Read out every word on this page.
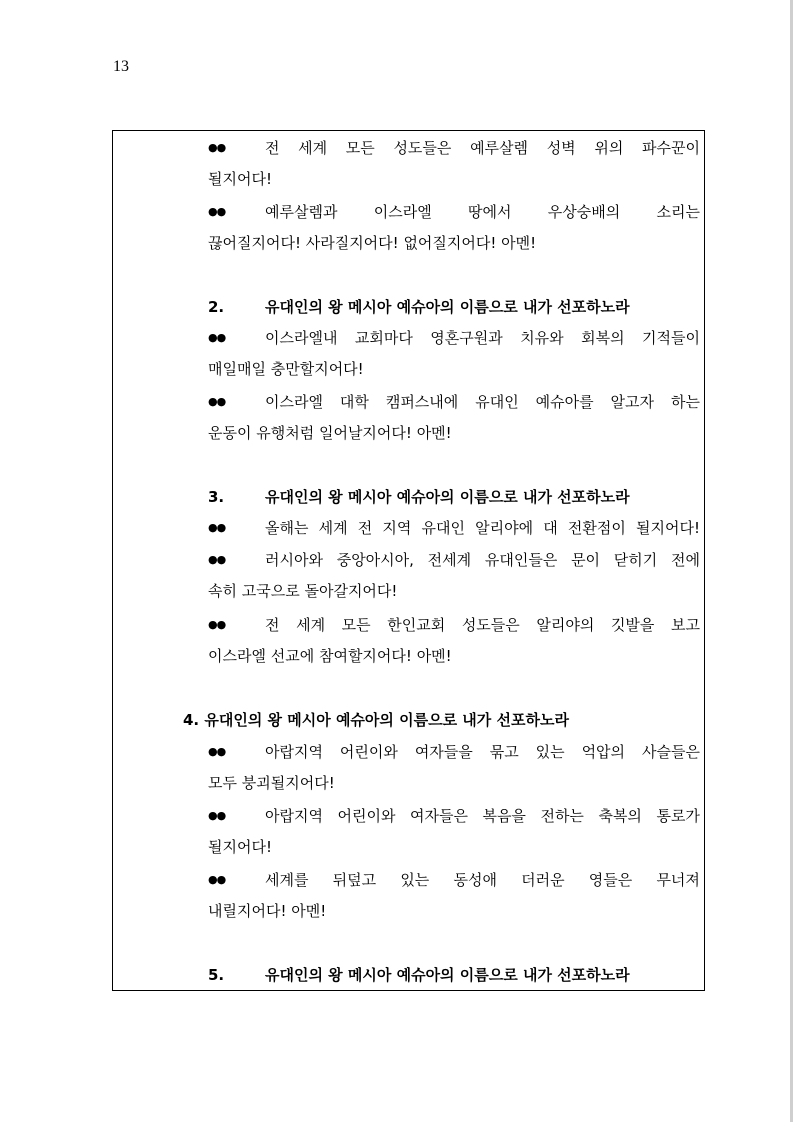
13
●●	전 세계 모든 성도들은 예루살렘 성벽 위의 파수꾼이
될지어다!
●●	예루살렘과 이스라엘 땅에서 우상숭배의 소리는
끊어질지어다! 사라질지어다! 없어질지어다! 아멘!
2.	유대인의 왕 메시아 예슈아의 이름으로 내가 선포하노라
●●	이스라엘내 교회마다 영혼구원과 치유와 회복의 기적들이
매일매일 충만할지어다!
●●	이스라엘 대학 캠퍼스내에 유대인 예슈아를 알고자 하는
운동이 유행처럼 일어날지어다! 아멘!
3.	유대인의 왕 메시아 예슈아의 이름으로 내가 선포하노라
●●	올해는 세계 전 지역 유대인 알리야에 대 전환점이 될지어다!
●●	러시아와 중앙아시아, 전세계 유대인들은 문이 닫히기 전에
속히 고국으로 돌아갈지어다!
●●	전 세계 모든 한인교회 성도들은 알리야의 깃발을 보고
이스라엘 선교에 참여할지어다! 아멘!
4. 유대인의 왕 메시아 예슈아의 이름으로 내가 선포하노라
●●	아랍지역 어린이와 여자들을 묶고 있는 억압의 사슬들은
모두 붕괴될지어다!
●●	아랍지역 어린이와 여자들은 복음을 전하는 축복의 통로가
될지어다!
●●	세계를 뒤덮고 있는 동성애 더러운 영들은 무너져
내릴지어다! 아멘!
5.	유대인의 왕 메시아 예슈아의 이름으로 내가 선포하노라
